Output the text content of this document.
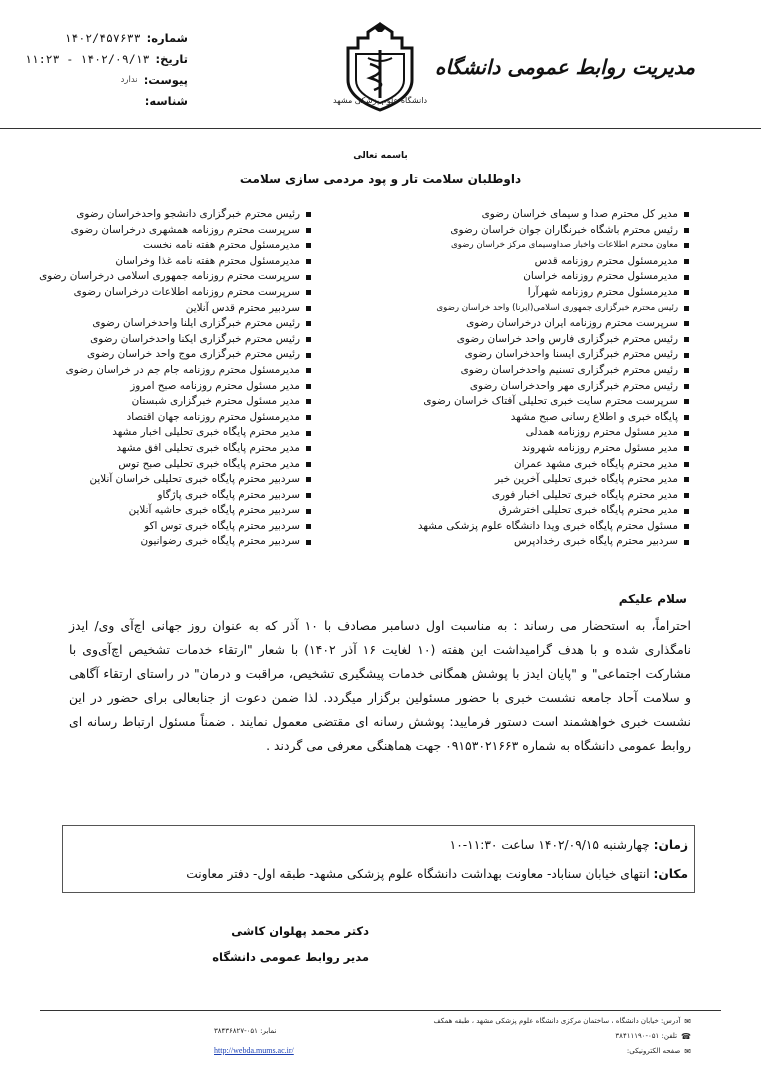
مدیریت روابط عمومی دانشگاه
دانشگاه علوم پزشکی مشهد
شماره:
۱۴۰۲/۴۵۷۶۳۳
تاریخ:
۱۴۰۲/۰۹/۱۳ - ۱۱:۲۳
پیوست:
ندارد
شناسه:
باسمه تعالی
داوطلبان سلامت تار و پود مردمی سازی سلامت
مدیر کل محترم صدا و سیمای خراسان رضوی
رئیس محترم باشگاه خبرنگاران جوان خراسان رضوی
معاون محترم اطلاعات واخبار صداوسیمای مرکز خراسان رضوی
مدیرمسئول محترم روزنامه قدس
مدیرمسئول محترم روزنامه خراسان
مدیرمسئول محترم روزنامه شهرآرا
رئیس محترم خبرگزاری جمهوری اسلامی(ایرنا) واحد خراسان رضوی
سرپرست محترم روزنامه ایران درخراسان رضوی
رئیس محترم خبرگزاری فارس واحد خراسان رضوی
رئیس محترم خبرگزاری ایسنا واحدخراسان رضوی
رئیس محترم خبرگزاری تسنیم واحدخراسان رضوی
رئیس محترم خبرگزاری مهر واحدخراسان رضوی
سرپرست محترم سایت خبری تحلیلی آفتاک خراسان رضوی
پایگاه خبری و اطلاع رسانی صبح مشهد
مدیر مسئول محترم روزنامه همدلی
مدیر مسئول محترم روزنامه شهروند
مدیر محترم پایگاه خبری مشهد عمران
مدیر محترم پایگاه خبری تحلیلی آخرین خبر
مدیر محترم پایگاه خبری تحلیلی اخبار فوری
مدیر محترم پایگاه خبری تحلیلی اخترشرق
مسئول محترم پایگاه خبری ویدا دانشگاه علوم پزشکی مشهد
سردبیر محترم پایگاه خبری رخداد‌پرس
رئیس محترم خبرگزاری دانشجو واحدخراسان رضوی
سرپرست محترم روزنامه همشهری درخراسان رضوی
مدیرمسئول محترم هفته نامه نخست
مدیرمسئول محترم هفته نامه غذا وخراسان
سرپرست محترم روزنامه جمهوری اسلامی درخراسان رضوی
سرپرست محترم روزنامه اطلاعات درخراسان رضوی
سردبیر محترم قدس آنلاین
رئیس محترم خبرگزاری ایلنا واحدخراسان رضوی
رئیس محترم خبرگزاری ایکنا واحدخراسان رضوی
رئیس محترم خبرگزاری موج واحد خراسان رضوی
مدیرمسئول محترم روزنامه جام جم در خراسان رضوی
مدیر مسئول محترم روزنامه صبح امروز
مدیر مسئول محترم خبرگزاری شبستان
مدیرمسئول محترم روزنامه جهان اقتصاد
مدیر محترم پایگاه خبری تحلیلی اخبار مشهد
مدیر محترم پایگاه خبری تحلیلی افق مشهد
مدیر محترم پایگاه خبری تحلیلی صبح توس
سردبیر محترم پایگاه خبری تحلیلی خراسان آنلاین
سردبیر محترم پایگاه خبری پاژگاو
سردبیر محترم پایگاه خبری حاشیه آنلاین
سردبیر محترم پایگاه خبری توس اکو
سردبیر محترم پایگاه خبری رضوانیون
سلام علیکم
احتراماً، به استحضار می رساند : به مناسبت اول دسامبر مصادف با ۱۰ آذر که به عنوان روز جهانی اچ‌آی وی/ ایدز نامگذاری شده و با هدف گرامیداشت این هفته (۱۰ لغایت ۱۶ آذر ۱۴۰۲) با شعار "ارتقاء خدمات تشخیص اچ‌آی‌وی با مشارکت اجتماعی" و "پایان ایدز با پوشش همگانی خدمات پیشگیری تشخیص، مراقبت و درمان" در راستای ارتقاء آگاهی و سلامت آحاد جامعه نشست خبری با حضور مسئولین برگزار میگردد. لذا ضمن دعوت از جنابعالی برای حضور در این نشست خبری خواهشمند است دستور فرمایید: پوشش رسانه ای مقتضی معمول نمایند . ضمناً مسئول ارتباط رسانه ای روابط عمومی دانشگاه به شماره ۰۹۱۵۳۰۲۱۶۶۳ جهت هماهنگی معرفی می گردند .
زمان: چهارشنبه ۱۴۰۲/۰۹/۱۵ ساعت ۱۱:۳۰-۱۰
مکان: انتهای خیابان سناباد- معاونت بهداشت دانشگاه علوم پزشکی مشهد- طبقه اول- دفتر معاونت
دکتر محمد پهلوان کاشی
مدیر روابط عمومی دانشگاه
✉
آدرس: خیابان دانشگاه ، ساختمان مرکزی دانشگاه علوم پزشکی مشهد ، طبقه همکف
☎
تلفن: ۰۵۱-۳۸۴۱۱۱۹۰
✉
صفحه الکترونیکی:
نمابر: ۰۵۱-۳۸۴۳۶۸۲۷
http://webda.mums.ac.ir/
